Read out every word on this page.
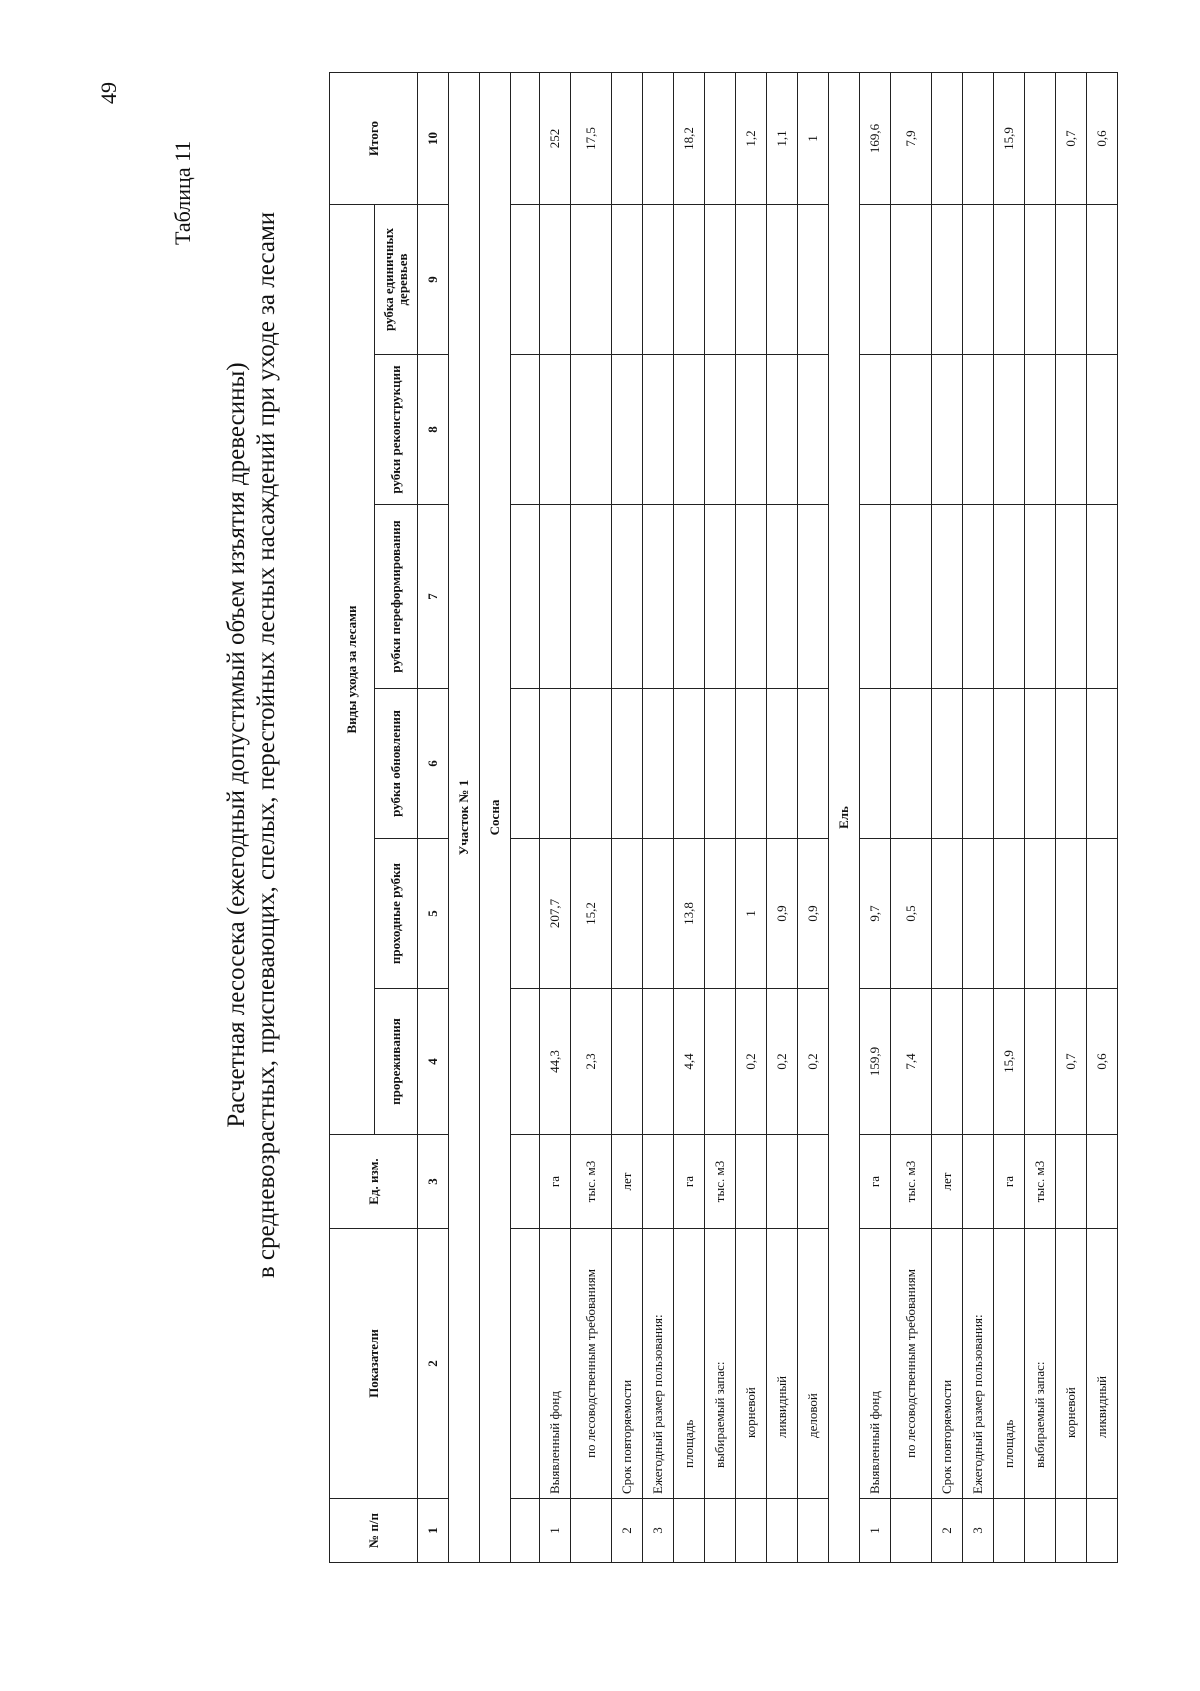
49
Таблица 11
Расчетная лесосека (ежегодный допустимый объем изъятия древесины) в средневозрастных, приспевающих, спелых, перестойных лесных насаждений при уходе за лесами
№ п/п	Показатели	Ед. изм.	Виды ухода за лесами						Итого
			прореживания	проходные рубки	рубки обновления	рубки переформирования	рубки реконструкции	рубка единичных деревьев	
1	2	3	4	5	6	7	8	9	10
Участок № 1									
Сосна									

1	Выявленный фонд	га	44,3	207,7					252
	по лесоводственным требованиям	тыс. м3	2,3	15,2					17,5
2	Срок повторяемости	лет							
3	Ежегодный размер пользования:								
	площадь	га	4,4	13,8					18,2
	выбираемый запас:	тыс. м3							
	корневой		0,2	1					1,2
	ликвидный		0,2	0,9					1,1
	деловой		0,2	0,9					1
Ель									
1	Выявленный фонд	га	159,9	9,7					169,6
	по лесоводственным требованиям	тыс. м3	7,4	0,5					7,9
2	Срок повторяемости	лет							
3	Ежегодный размер пользования:								
	площадь	га	15,9						15,9
	выбираемый запас:	тыс. м3							
	корневой		0,7						0,7
	ликвидный		0,6						0,6
